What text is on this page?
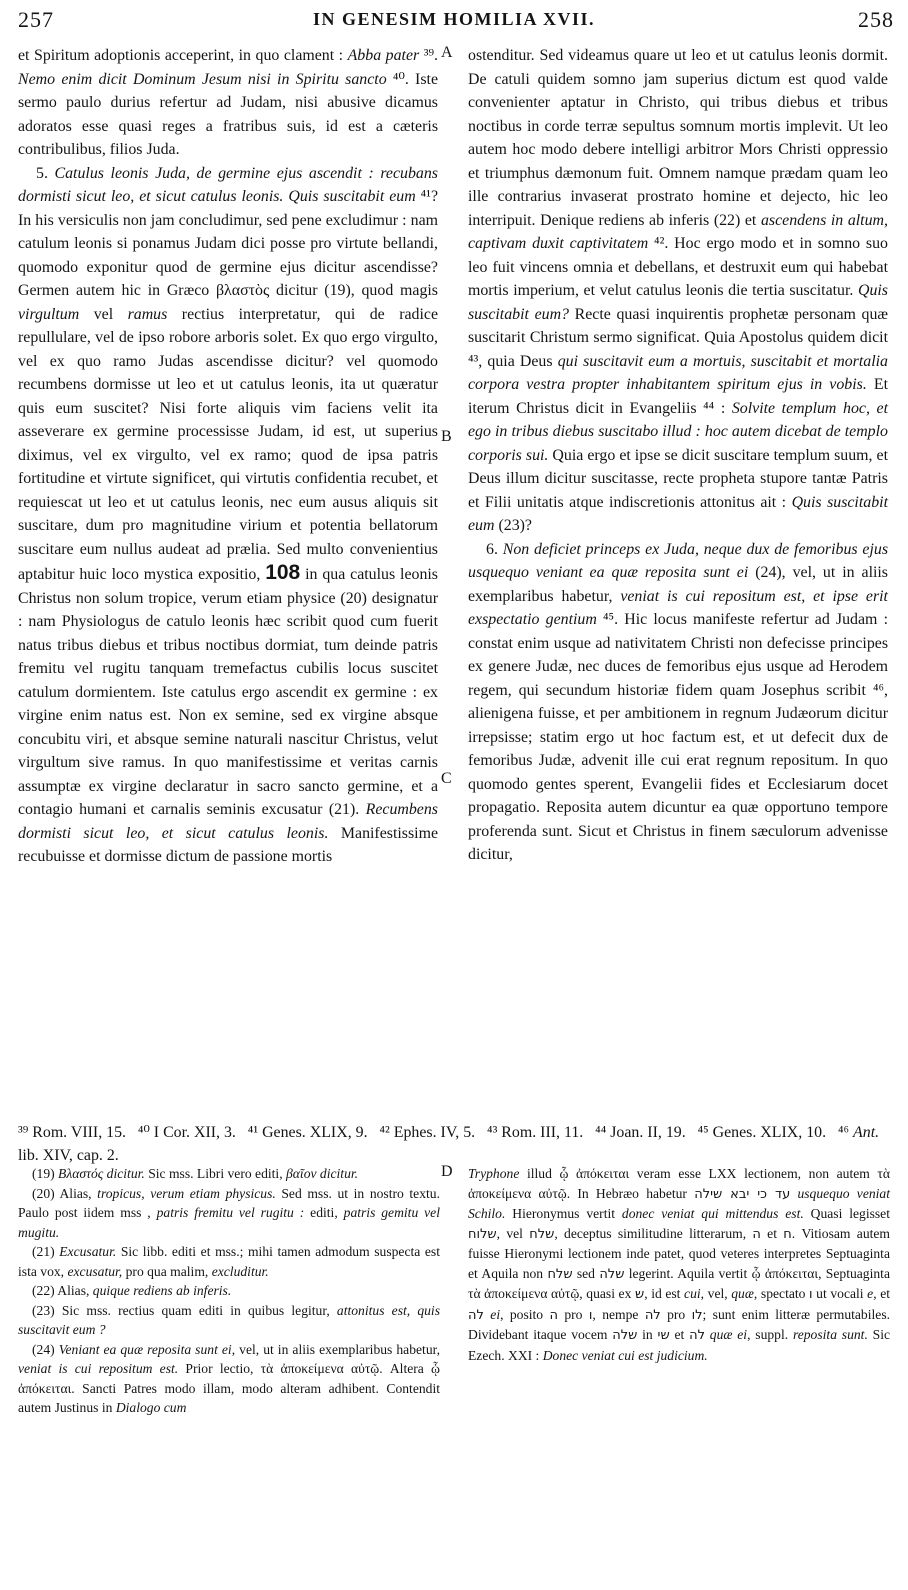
257	IN GENESIM HOMILIA XVII.	258
A
B
C
D

et Spiritum adoptionis acceperint, in quo clament : Abba pater ³⁹. Nemo enim dicit Dominum Jesum nisi in Spiritu sancto ⁴⁰. Iste sermo paulo durius refertur ad Judam, nisi abusive dicamus adoratos esse quasi reges a fratribus suis, id est a cæteris contribulibus, filios Juda.

5. Catulus leonis Juda, de germine ejus ascendit : recubans dormisti sicut leo, et sicut catulus leonis. Quis suscitabit eum ⁴¹? In his versiculis non jam concludimur, sed pene excludimur : nam catulum leonis si ponamus Judam dici posse pro virtute bellandi, quomodo exponitur quod de germine ejus dicitur ascendisse? Germen autem hic in Græco βλαστὸς dicitur (19), quod magis virgultum vel ramus rectius interpretatur, qui de radice repullulare, vel de ipso robore arboris solet. Ex quo ergo virgulto, vel ex quo ramo Judas ascendisse dicitur? vel quomodo recumbens dormisse ut leo et ut catulus leonis, ita ut quæratur quis eum suscitet? Nisi forte aliquis vim faciens velit ita asseverare ex germine processisse Judam, id est, ut superius diximus, vel ex virgulto, vel ex ramo; quod de ipsa patris fortitudine et virtute significet, qui virtutis confidentia recubet, et requiescat ut leo et ut catulus leonis, nec eum ausus aliquis sit suscitare, dum pro magnitudine virium et potentia bellatorum suscitare eum nullus audeat ad prælia. Sed multo convenientius aptabitur huic loco mystica expositio, 108 in qua catulus leonis Christus non solum tropice, verum etiam physice (20) designatur : nam Physiologus de catulo leonis hæc scribit quod cum fuerit natus tribus diebus et tribus noctibus dormiat, tum deinde patris fremitu vel rugitu tanquam tremefactus cubilis locus suscitet catulum dormientem. Iste catulus ergo ascendit ex germine : ex virgine enim natus est. Non ex semine, sed ex virgine absque concubitu viri, et absque semine naturali nascitur Christus, velut virgultum sive ramus. In quo manifestissime et veritas carnis assumptæ ex virgine declaratur in sacro sancto germine, et a contagio humani et carnalis seminis excusatur (21). Recumbens dormisti sicut leo, et sicut catulus leonis. Manifestissime recubuisse et dormisse dictum de passione mortis

ostenditur. Sed videamus quare ut leo et ut catulus leonis dormit. De catuli quidem somno jam superius dictum est quod valde convenienter aptatur in Christo, qui tribus diebus et tribus noctibus in corde terræ sepultus somnum mortis implevit. Ut leo autem hoc modo debere intelligi arbitror Mors Christi oppressio et triumphus dæmonum fuit. Omnem namque prædam quam leo ille contrarius invaserat prostrato homine et dejecto, hic leo interripuit. Denique rediens ab inferis (22) et ascendens in altum, captivam duxit captivitatem ⁴². Hoc ergo modo et in somno suo leo fuit vincens omnia et debellans, et destruxit eum qui habebat mortis imperium, et velut catulus leonis die tertia suscitatur. Quis suscitabit eum? Recte quasi inquirentis prophetæ personam quæ suscitarit Christum sermo significat. Quia Apostolus quidem dicit ⁴³, quia Deus qui suscitavit eum a mortuis, suscitabit et mortalia corpora vestra propter inhabitantem spiritum ejus in vobis. Et iterum Christus dicit in Evangeliis ⁴⁴ : Solvite templum hoc, et ego in tribus diebus suscitabo illud : hoc autem dicebat de templo corporis sui. Quia ergo et ipse se dicit suscitare templum suum, et Deus illum dicitur suscitasse, recte propheta stupore tantæ Patris et Filii unitatis atque indiscretionis attonitus ait : Quis suscitabit eum (23)?

6. Non deficiet princeps ex Juda, neque dux de femoribus ejus usquequo veniant ea quæ reposita sunt ei (24), vel, ut in aliis exemplaribus habetur, veniat is cui repositum est, et ipse erit exspectatio gentium ⁴⁵. Hic locus manifeste refertur ad Judam : constat enim usque ad nativitatem Christi non defecisse principes ex genere Judæ, nec duces de femoribus ejus usque ad Herodem regem, qui secundum historiæ fidem quam Josephus scribit ⁴⁶, alienigena fuisse, et per ambitionem in regnum Judæorum dicitur irrepsisse; statim ergo ut hoc factum est, et ut defecit dux de femoribus Judæ, advenit ille cui erat regnum repositum. In quo quomodo gentes sperent, Evangelii fides et Ecclesiarum docet propagatio. Reposita autem dicuntur ea quæ opportuno tempore proferenda sunt. Sicut et Christus in finem sæculorum advenisse dicitur,

³⁹ Rom. VIII, 15.   ⁴⁰ I Cor. XII, 3.   ⁴¹ Genes. XLIX, 9.   ⁴² Ephes. IV, 5.   ⁴³ Rom. III, 11.   ⁴⁴ Joan. II, 19.   ⁴⁵ Genes. XLIX, 10.   ⁴⁶ Ant. lib. XIV, cap. 2.

(19) Βλαστός dicitur. Sic mss. Libri vero editi, βαῖον dicitur.

(20) Alias, tropicus, verum etiam physicus. Sed mss. ut in nostro textu. Paulo post iidem mss , patris fremitu vel rugitu : editi, patris gemitu vel mugitu.

(21) Excusatur. Sic libb. editi et mss.; mihi tamen admodum suspecta est ista vox, excusatur, pro qua malim, excluditur.

(22) Alias, quique rediens ab inferis.

(23) Sic mss. rectius quam editi in quibus legitur, attonitus est, quis suscitavit eum ?

(24) Veniant ea quæ reposita sunt ei, vel, ut in aliis exemplaribus habetur, veniat is cui repositum est. Prior lectio, τὰ ἀποκείμενα αὐτῷ. Altera ᾧ ἀπόκειται. Sancti Patres modo illam, modo alteram adhibent. Contendit autem Justinus in Dialogo cum

Tryphone illud ᾧ ἀπόκειται veram esse LXX lectionem, non autem τὰ ἀποκείμενα αὐτῷ. In Hebræo habetur עד כי יבא שילה usquequo veniat Schilo. Hieronymus vertit donec veniat qui mittendus est. Quasi legisset שלוח, vel שלח, deceptus similitudine litterarum, ה et ח. Vitiosam autem fuisse Hieronymi lectionem inde patet, quod veteres interpretes Septuaginta et Aquila non שלח sed שלה legerint. Aquila vertit ᾧ ἀπόκειται, Septuaginta τὰ ἀποκείμενα αὐτῷ, quasi ex ש, id est cui, vel, quæ, spectato ו ut vocali e, et לה ei, posito ה pro ו, nempe לה pro לו; sunt enim litteræ permutabiles. Dividebant itaque vocem שלה in שי et לה quæ ei, suppl. reposita sunt. Sic Ezech. XXI : Donec veniat cui est judicium.
